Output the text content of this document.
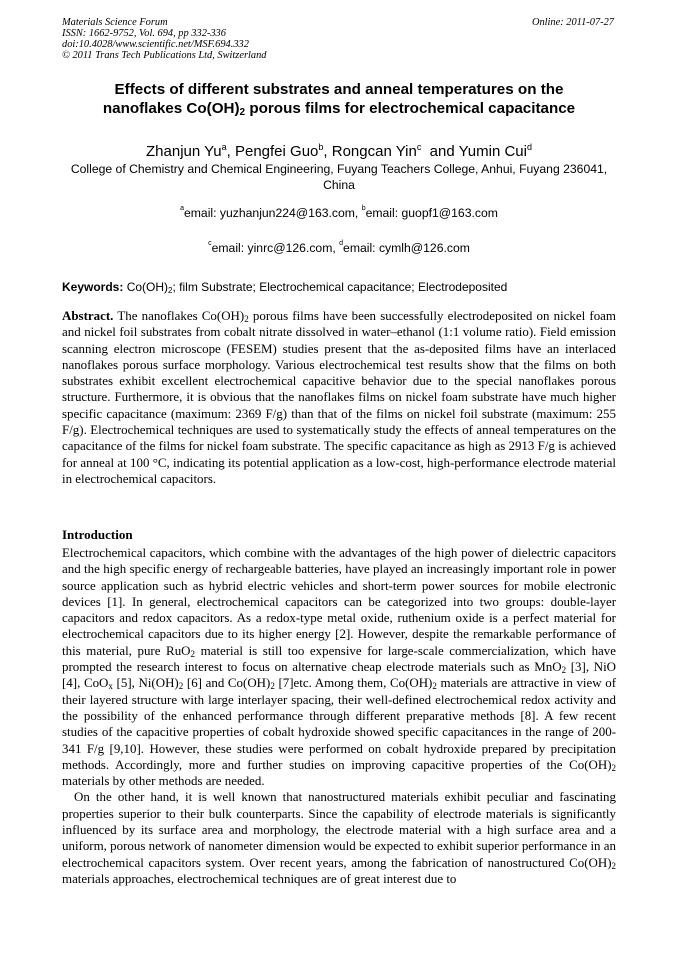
Materials Science Forum
ISSN: 1662-9752, Vol. 694, pp 332-336
doi:10.4028/www.scientific.net/MSF.694.332
© 2011 Trans Tech Publications Ltd, Switzerland
Online: 2011-07-27
Effects of different substrates and anneal temperatures on the
nanoflakes $Co(OH)_2$ porous films for electrochemical capacitance
Zhanjun Yu$^a$, Pengfei Guo$^b$, Rongcan Yin$^c$  and Yumin Cui$^d$
College of Chemistry and Chemical Engineering, Fuyang Teachers College, Anhui, Fuyang 236041,
China
$^a$email: yuzhanjun224@163.com, $^b$email: guopf1@163.com
$^c$email: yinrc@126.com, $^d$email: cymlh@126.com
Keywords: $Co(OH)_2$; film Substrate; Electrochemical capacitance; Electrodeposited
Abstract. The nanoflakes $Co(OH)_2$ porous films have been successfully electrodeposited on nickel foam and nickel foil substrates from cobalt nitrate dissolved in water–ethanol (1:1 volume ratio). Field emission scanning electron microscope (FESEM) studies present that the as-deposited films have an interlaced nanoflakes porous surface morphology. Various electrochemical test results show that the films on both substrates exhibit excellent electrochemical capacitive behavior due to the special nanoflakes porous structure. Furthermore, it is obvious that the nanoflakes films on nickel foam substrate have much higher specific capacitance (maximum: 2369 F/g) than that of the films on nickel foil substrate (maximum: 255 F/g). Electrochemical techniques are used to systematically study the effects of anneal temperatures on the capacitance of the films for nickel foam substrate. The specific capacitance as high as 2913 F/g is achieved for anneal at 100 °C, indicating its potential application as a low-cost, high-performance electrode material in electrochemical capacitors.
Introduction

Electrochemical capacitors, which combine with the advantages of the high power of dielectric capacitors and the high specific energy of rechargeable batteries, have played an increasingly important role in power source application such as hybrid electric vehicles and short-term power sources for mobile electronic devices [1]. In general, electrochemical capacitors can be categorized into two groups: double-layer capacitors and redox capacitors. As a redox-type metal oxide, ruthenium oxide is a perfect material for electrochemical capacitors due to its higher energy [2]. However, despite the remarkable performance of this material, pure RuO$_2$ material is still too expensive for large-scale commercialization, which have prompted the research interest to focus on alternative cheap electrode materials such as MnO$_2$ [3], NiO [4], CoO$_x$ [5], $Ni(OH)_2$ [6] and $Co(OH)_2$ [7]etc. Among them, $Co(OH)_2$ materials are attractive in view of their layered structure with large interlayer spacing, their well-defined electrochemical redox activity and the possibility of the enhanced performance through different preparative methods [8]. A few recent studies of the capacitive properties of cobalt hydroxide showed specific capacitances in the range of 200-341 F/g [9,10]. However, these studies were performed on cobalt hydroxide prepared by precipitation methods. Accordingly, more and further studies on improving capacitive properties of the $Co(OH)_2$ materials by other methods are needed.

On the other hand, it is well known that nanostructured materials exhibit peculiar and fascinating properties superior to their bulk counterparts. Since the capability of electrode materials is significantly influenced by its surface area and morphology, the electrode material with a high surface area and a uniform, porous network of nanometer dimension would be expected to exhibit superior performance in an electrochemical capacitors system. Over recent years, among the fabrication of nanostructured $Co(OH)_2$ materials approaches, electrochemical techniques are of great interest due to
